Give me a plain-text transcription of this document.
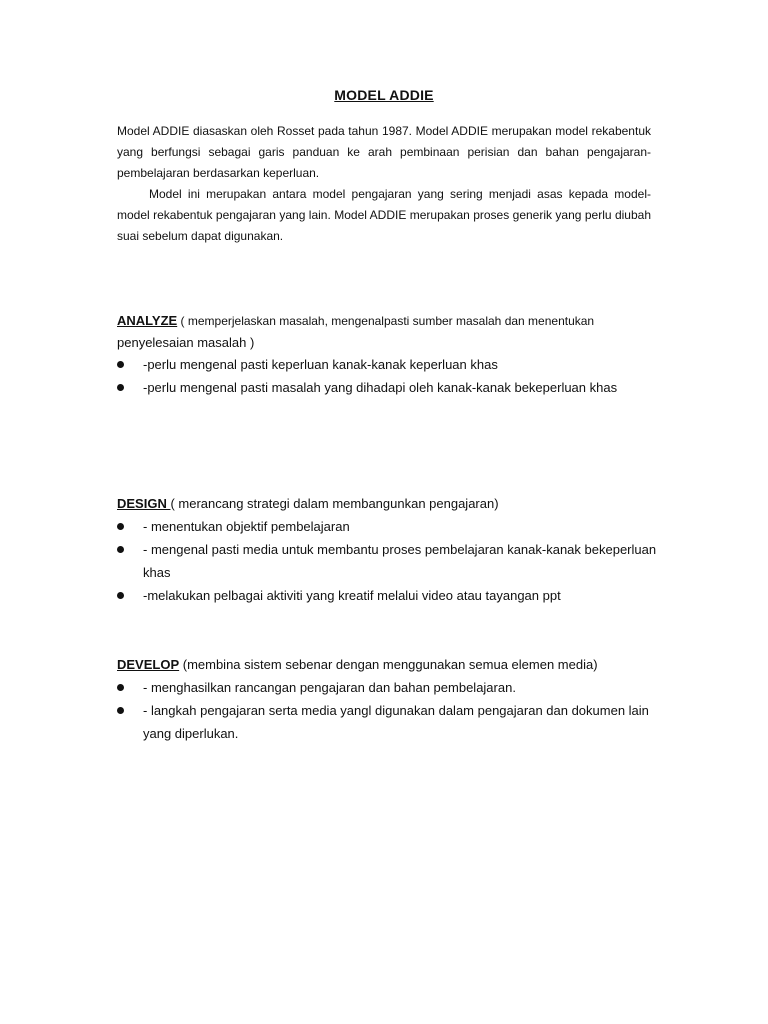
MODEL ADDIE

Model ADDIE diasaskan oleh Rosset pada tahun 1987. Model ADDIE merupakan model rekabentuk yang berfungsi sebagai garis panduan ke arah pembinaan perisian dan bahan pengajaran-pembelajaran berdasarkan keperluan.

Model ini merupakan antara model pengajaran yang sering menjadi asas kepada model-model rekabentuk pengajaran yang lain. Model ADDIE merupakan proses generik yang perlu diubah suai sebelum dapat digunakan.

ANALYZE ( memperjelaskan masalah, mengenalpasti sumber masalah dan menentukan
penyelesaian masalah )
-perlu mengenal pasti keperluan kanak-kanak keperluan khas
-perlu mengenal pasti masalah yang dihadapi oleh kanak-kanak bekeperluan khas
DESIGN ( merancang strategi dalam membangunkan pengajaran)
- menentukan objektif pembelajaran
- mengenal pasti media untuk membantu proses pembelajaran kanak-kanak bekeperluan khas
-melakukan pelbagai aktiviti yang kreatif melalui video atau tayangan ppt
DEVELOP (membina sistem sebenar dengan menggunakan semua elemen media)
- menghasilkan rancangan pengajaran dan bahan pembelajaran.
- langkah pengajaran serta media yangl digunakan dalam pengajaran dan dokumen lain yang diperlukan.
